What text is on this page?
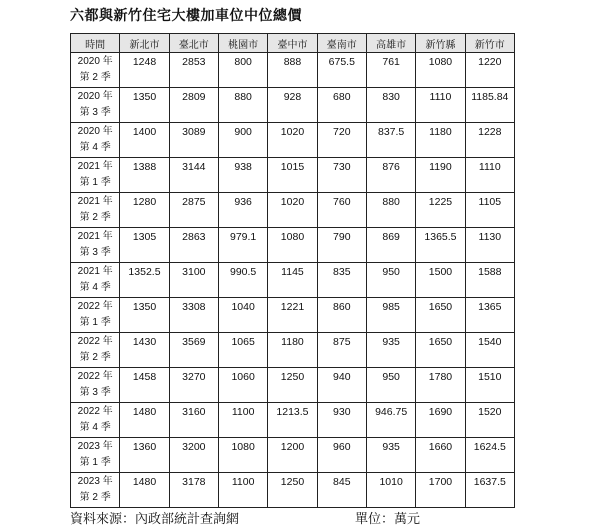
六都與新竹住宅大樓加車位中位總價
時間	新北市	臺北市	桃園市	臺中市	臺南市	高雄市	新竹縣	新竹市

2020 年
第 2 季	1248	2853	800	888	675.5	761	1080	1220

2020 年
第 3 季	1350	2809	880	928	680	830	1110	1185.84

2020 年
第 4 季	1400	3089	900	1020	720	837.5	1180	1228

2021 年
第 1 季	1388	3144	938	1015	730	876	1190	1110

2021 年
第 2 季	1280	2875	936	1020	760	880	1225	1105

2021 年
第 3 季	1305	2863	979.1	1080	790	869	1365.5	1130

2021 年
第 4 季	1352.5	3100	990.5	1145	835	950	1500	1588

2022 年
第 1 季	1350	3308	1040	1221	860	985	1650	1365

2022 年
第 2 季	1430	3569	1065	1180	875	935	1650	1540

2022 年
第 3 季	1458	3270	1060	1250	940	950	1780	1510

2022 年
第 4 季	1480	3160	1100	1213.5	930	946.75	1690	1520

2023 年
第 1 季	1360	3200	1080	1200	960	935	1660	1624.5

2023 年
第 2 季	1480	3178	1100	1250	845	1010	1700	1637.5
資料來源：內政部統計查詢網	單位：萬元
